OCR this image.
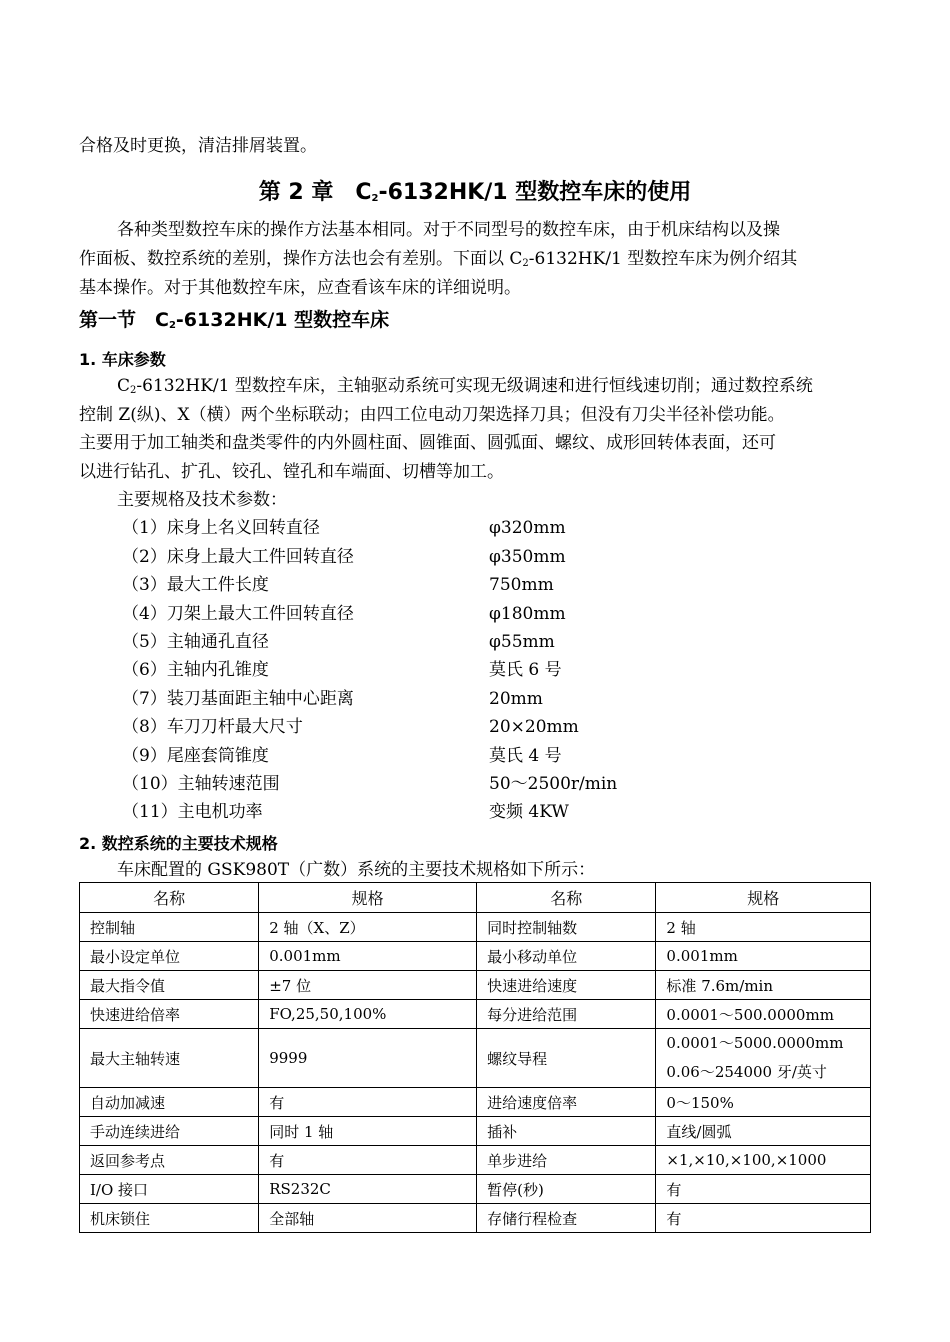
合格及时更换，清洁排屑装置。
第 2 章　$C_2-6132HK/1$ 型数控车床的使用
各种类型数控车床的操作方法基本相同。对于不同型号的数控车床，由于机床结构以及操
作面板、数控系统的差别，操作方法也会有差别。下面以 $C_2-6132HK/1$ 型数控车床为例介绍其
基本操作。对于其他数控车床，应查看该车床的详细说明。
第一节　$C_2-6132HK/1$ 型数控车床
1. 车床参数
$C_2-6132HK/1$ 型数控车床，主轴驱动系统可实现无级调速和进行恒线速切削；通过数控系统
控制 Z(纵)、X（横）两个坐标联动；由四工位电动刀架选择刀具；但没有刀尖半径补偿功能。
主要用于加工轴类和盘类零件的内外圆柱面、圆锥面、圆弧面、螺纹、成形回转体表面，还可
以进行钻孔、扩孔、铰孔、镗孔和车端面、切槽等加工。
主要规格及技术参数：
（1）床身上名义回转直径	φ320mm
（2）床身上最大工件回转直径	φ350mm
（3）最大工件长度	750mm
（4）刀架上最大工件回转直径	φ180mm
（5）主轴通孔直径	φ55mm
（6）主轴内孔锥度	莫氏 6 号
（7）装刀基面距主轴中心距离	20mm
（8）车刀刀杆最大尺寸	20×20mm
（9）尾座套筒锥度	莫氏 4 号
（10）主轴转速范围	50～2500r/min
（11）主电机功率	变频 4KW
2. 数控系统的主要技术规格
车床配置的 GSK980T（广数）系统的主要技术规格如下所示：
名称	规格	名称	规格
控制轴	2 轴（X、Z）	同时控制轴数	2 轴
最小设定单位	0.001mm	最小移动单位	0.001mm
最大指令值	±7 位	快速进给速度	标准 7.6m/min
快速进给倍率	FO,25,50,100%	每分进给范围	0.0001～500.0000mm
最大主轴转速	9999	螺纹导程	0.0001～5000.0000mm
0.06～254000 牙/英寸

自动加减速	有	进给速度倍率	0～150%
手动连续进给	同时 1 轴	插补	直线/圆弧
返回参考点	有	单步进给	×1,×10,×100,×1000
I/O 接口	RS232C	暂停(秒)	有
机床锁住	全部轴	存储行程检查	有
